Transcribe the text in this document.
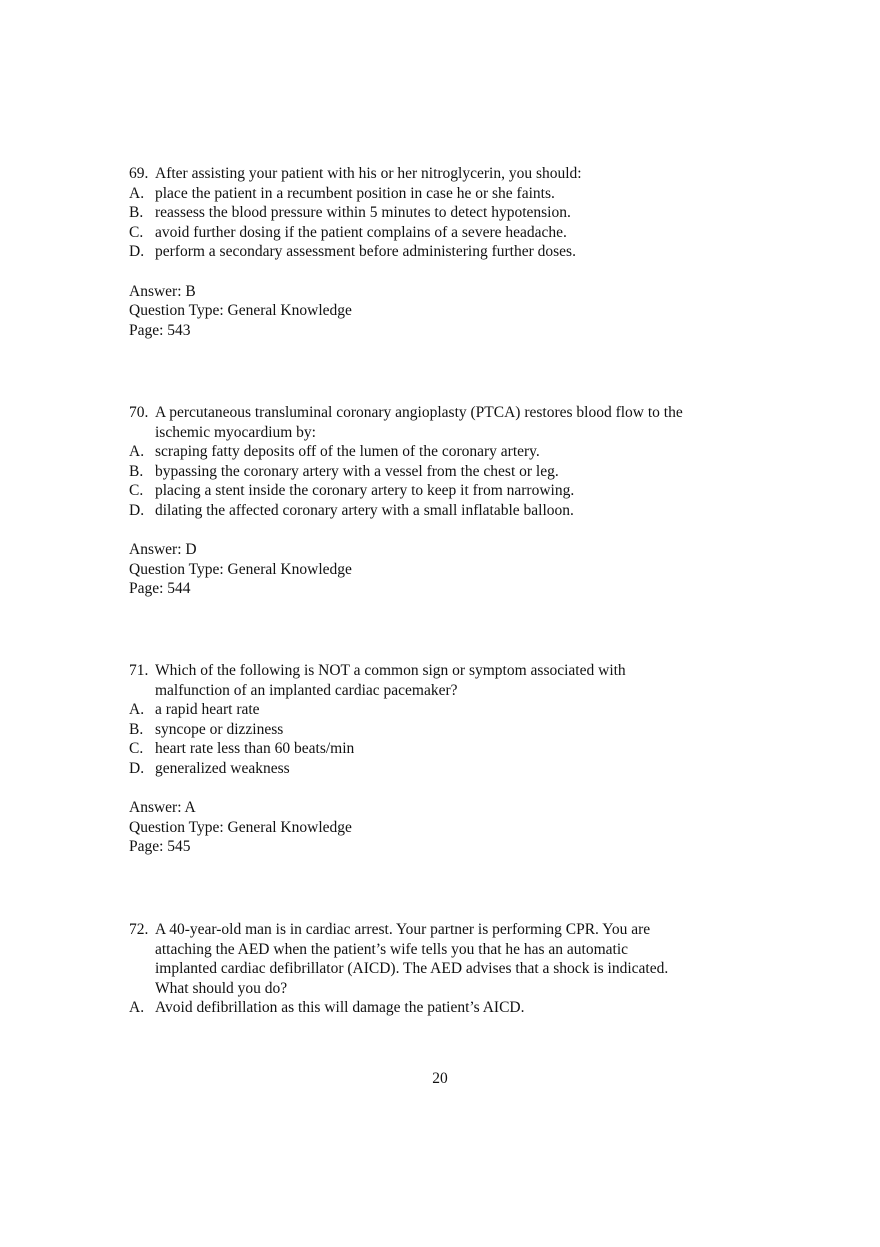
69. After assisting your patient with his or her nitroglycerin, you should:
A. place the patient in a recumbent position in case he or she faints.
B. reassess the blood pressure within 5 minutes to detect hypotension.
C. avoid further dosing if the patient complains of a severe headache.
D. perform a secondary assessment before administering further doses.
Answer: B
Question Type: General Knowledge
Page: 543
70. A percutaneous transluminal coronary angioplasty (PTCA) restores blood flow to the
ischemic myocardium by:
A. scraping fatty deposits off of the lumen of the coronary artery.
B. bypassing the coronary artery with a vessel from the chest or leg.
C. placing a stent inside the coronary artery to keep it from narrowing.
D. dilating the affected coronary artery with a small inflatable balloon.
Answer: D
Question Type: General Knowledge
Page: 544
71. Which of the following is NOT a common sign or symptom associated with
malfunction of an implanted cardiac pacemaker?
A. a rapid heart rate
B. syncope or dizziness
C. heart rate less than 60 beats/min
D. generalized weakness
Answer: A
Question Type: General Knowledge
Page: 545
72. A 40-year-old man is in cardiac arrest. Your partner is performing CPR. You are
attaching the AED when the patient’s wife tells you that he has an automatic
implanted cardiac defibrillator (AICD). The AED advises that a shock is indicated.
What should you do?
A. Avoid defibrillation as this will damage the patient’s AICD.
20
